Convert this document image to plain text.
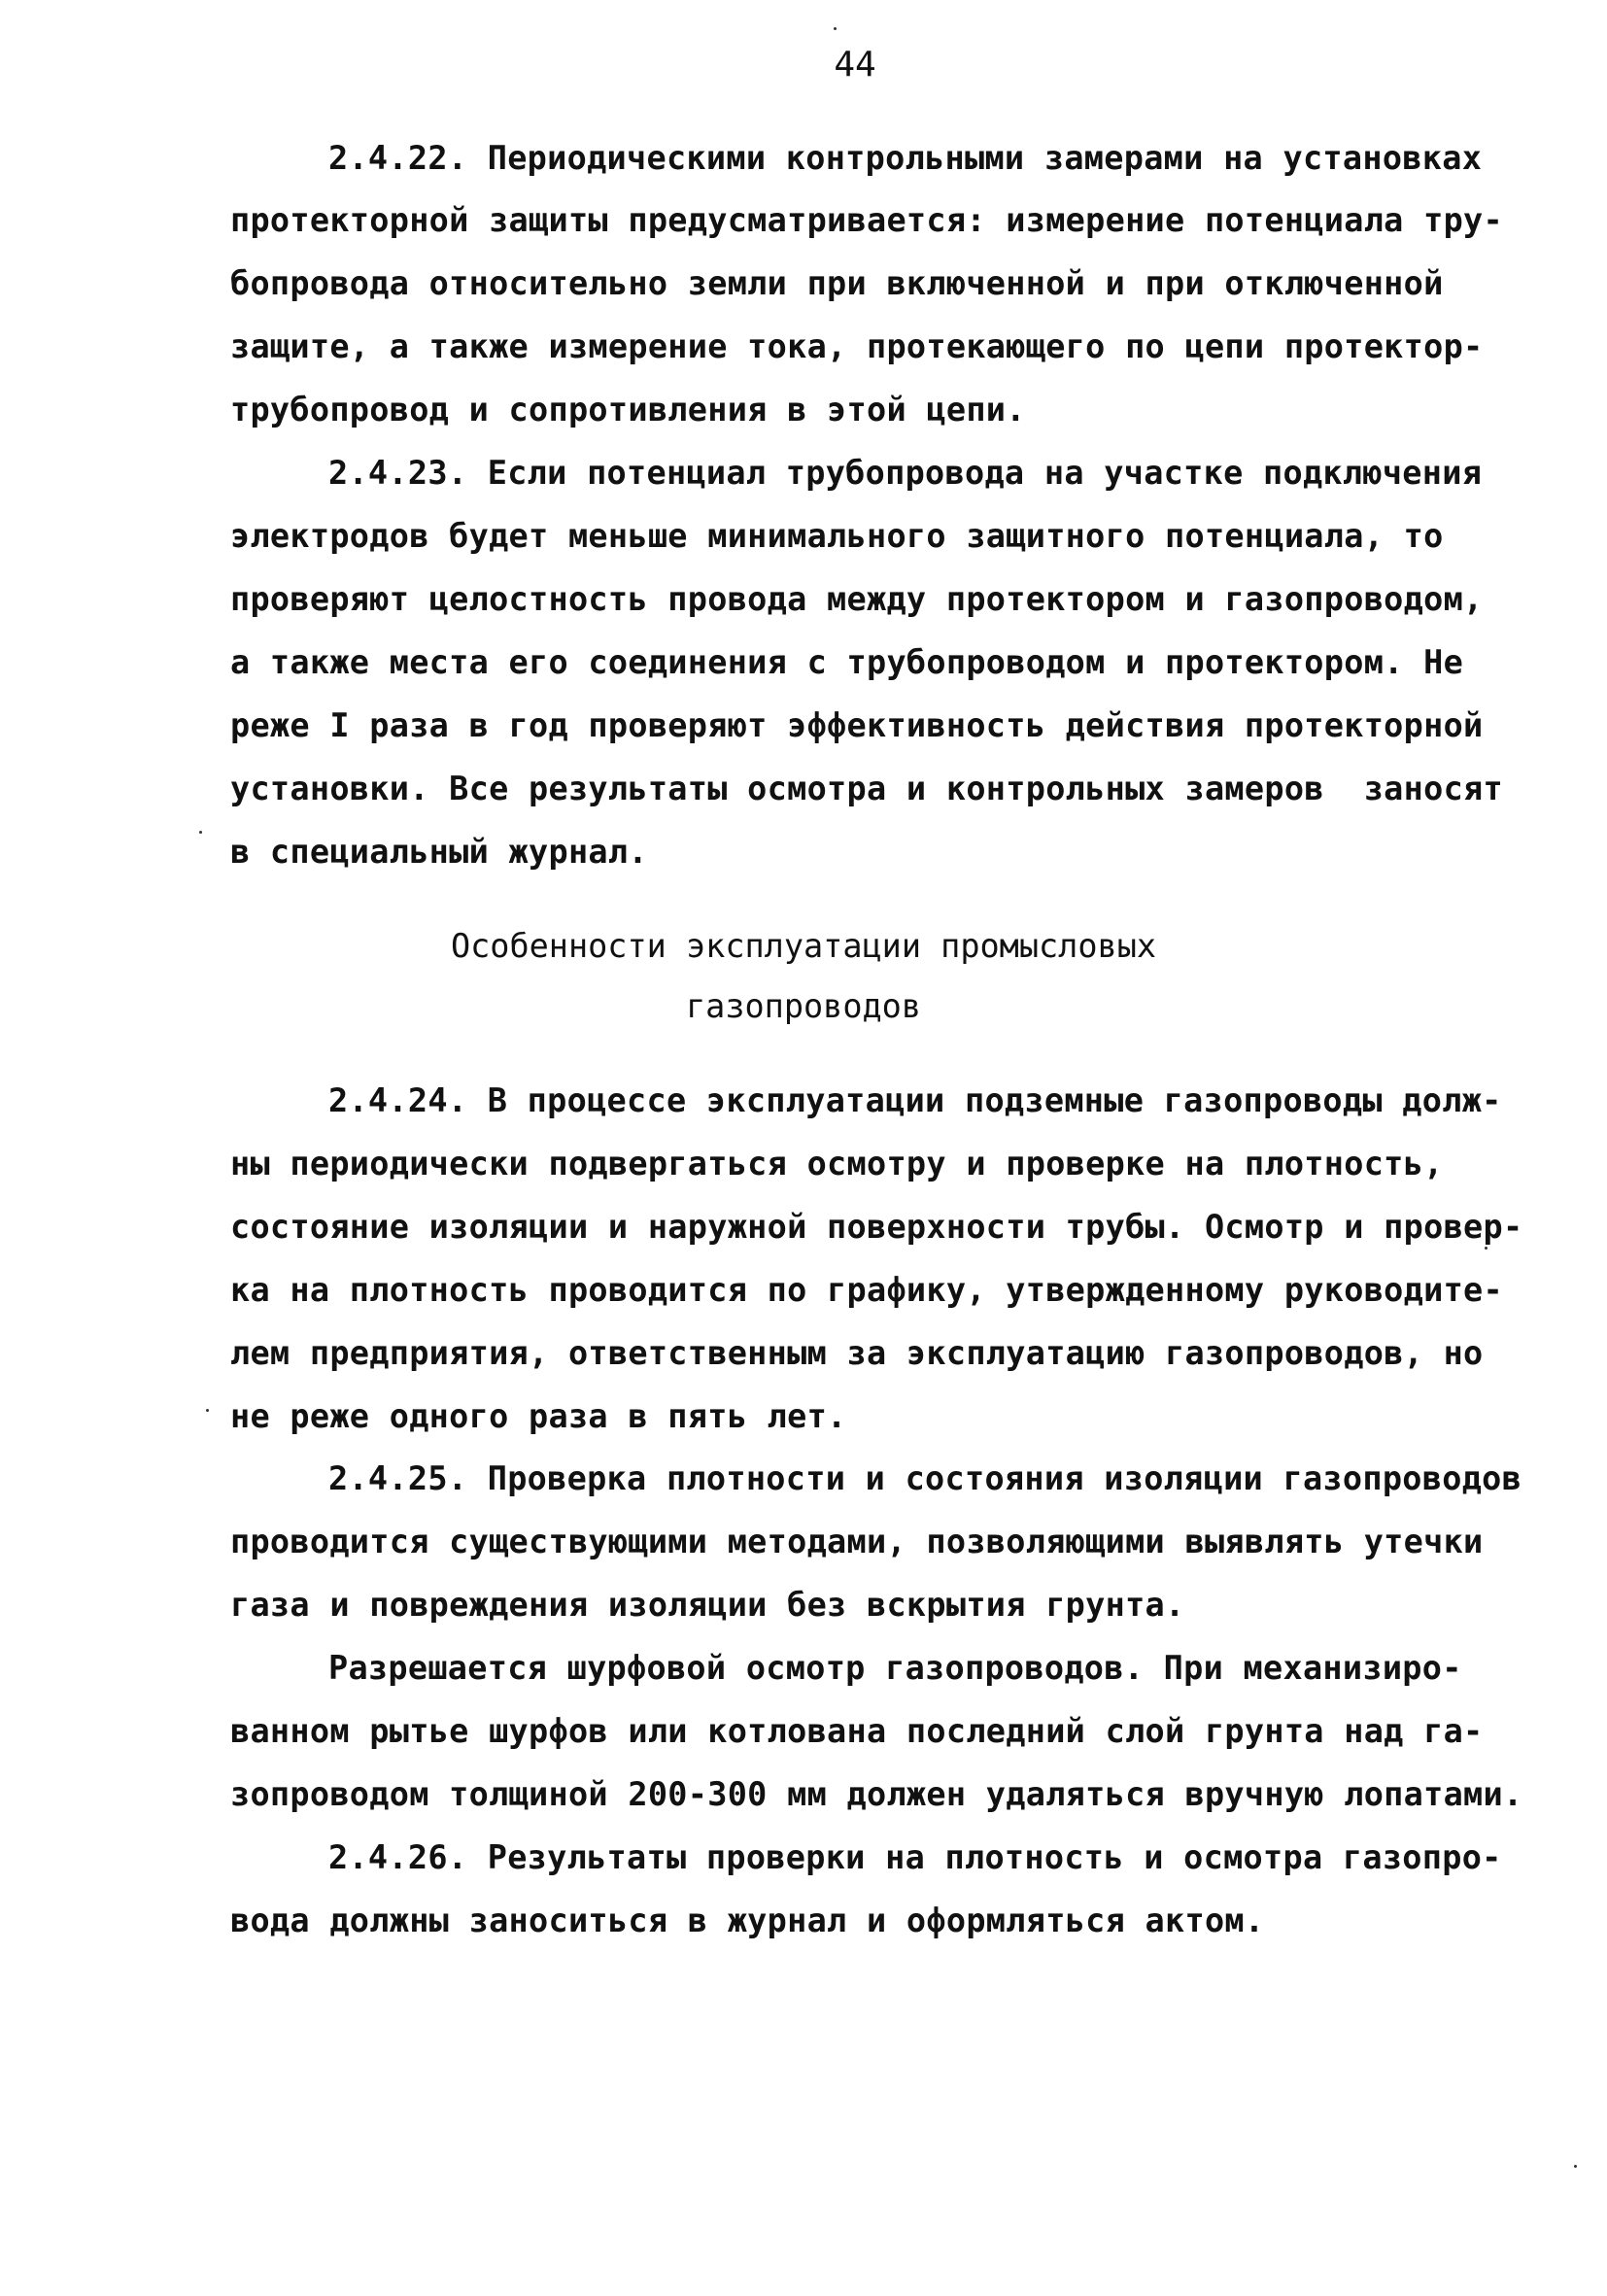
44
2.4.22. Периодическими контрольными замерами на установках
протекторной защиты предусматривается: измерение потенциала тру-
бопровода относительно земли при включенной и при отключенной
защите, а также измерение тока, протекающего по цепи протектор-
трубопровод и сопротивления в этой цепи.
2.4.23. Если потенциал трубопровода на участке подключения
электродов будет меньше минимального защитного потенциала, то
проверяют целостность провода между протектором и газопроводом,
а также места его соединения с трубопроводом и протектором. Не
реже I раза в год проверяют эффективность действия протекторной
установки. Все результаты осмотра и контрольных замеров  заносят
в специальный журнал.
Особенности эксплуатации промысловых
газопроводов
2.4.24. В процессе эксплуатации подземные газопроводы долж-
ны периодически подвергаться осмотру и проверке на плотность,
состояние изоляции и наружной поверхности трубы. Осмотр и провер-
ка на плотность проводится по графику, утвержденному руководите-
лем предприятия, ответственным за эксплуатацию газопроводов, но
не реже одного раза в пять лет.
2.4.25. Проверка плотности и состояния изоляции газопроводов
проводится существующими методами, позволяющими выявлять утечки
газа и повреждения изоляции без вскрытия грунта.
Разрешается шурфовой осмотр газопроводов. При механизиро-
ванном рытье шурфов или котлована последний слой грунта над га-
зопроводом толщиной 200-300 мм должен удаляться вручную лопатами.
2.4.26. Результаты проверки на плотность и осмотра газопро-
вода должны заноситься в журнал и оформляться актом.
